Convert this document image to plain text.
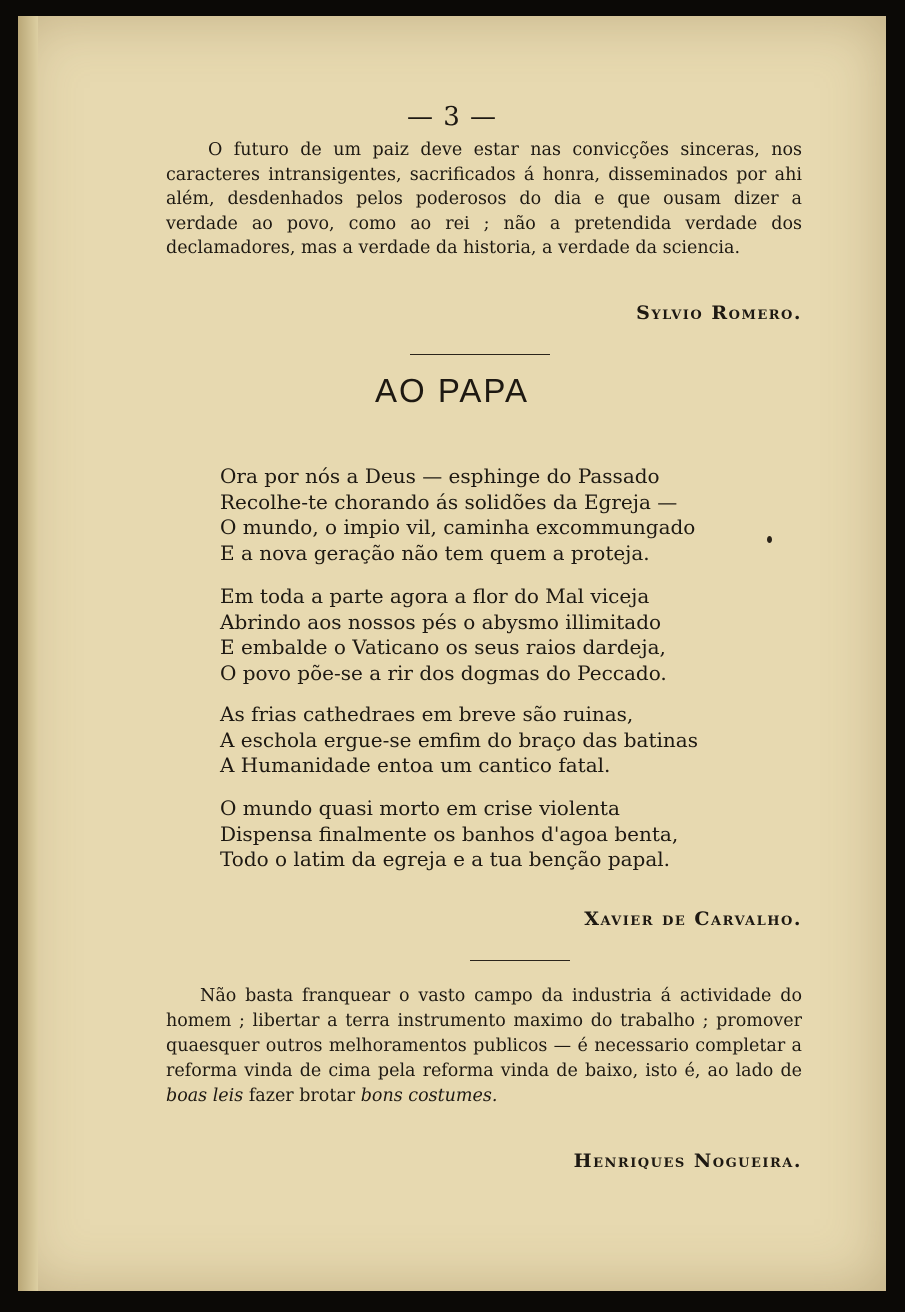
— 3 —

O futuro de um paiz deve estar nas convicções sinceras, nos caracteres intransigentes, sacrificados á honra, disseminados por ahi além, desdenhados pelos poderosos do dia e que ousam dizer a verdade ao povo, como ao rei ; não a pretendida verdade dos declamadores, mas a verdade da historia, a verdade da sciencia.

Sylvio Romero.
AO PAPA
Ora por nós a Deus — esphinge do Passado
Recolhe-te chorando ás solidões da Egreja —
O mundo, o impio vil, caminha excommungado
E a nova geração não tem quem a proteja.
Em toda a parte agora a flor do Mal viceja
Abrindo aos nossos pés o abysmo illimitado
E embalde o Vaticano os seus raios dardeja,
O povo põe-se a rir dos dogmas do Peccado.
As frias cathedraes em breve são ruinas,
A eschola ergue-se emfim do braço das batinas
A Humanidade entoa um cantico fatal.
O mundo quasi morto em crise violenta
Dispensa finalmente os banhos d'agoa benta,
Todo o latim da egreja e a tua benção papal.
Xavier de Carvalho.

Não basta franquear o vasto campo da industria á actividade do homem ; libertar a terra instrumento maximo do trabalho ; promover quaesquer outros melhoramentos publicos — é necessario completar a reforma vinda de cima pela reforma vinda de baixo, isto é, ao lado de boas leis fazer brotar bons costumes.

Henriques Nogueira.
